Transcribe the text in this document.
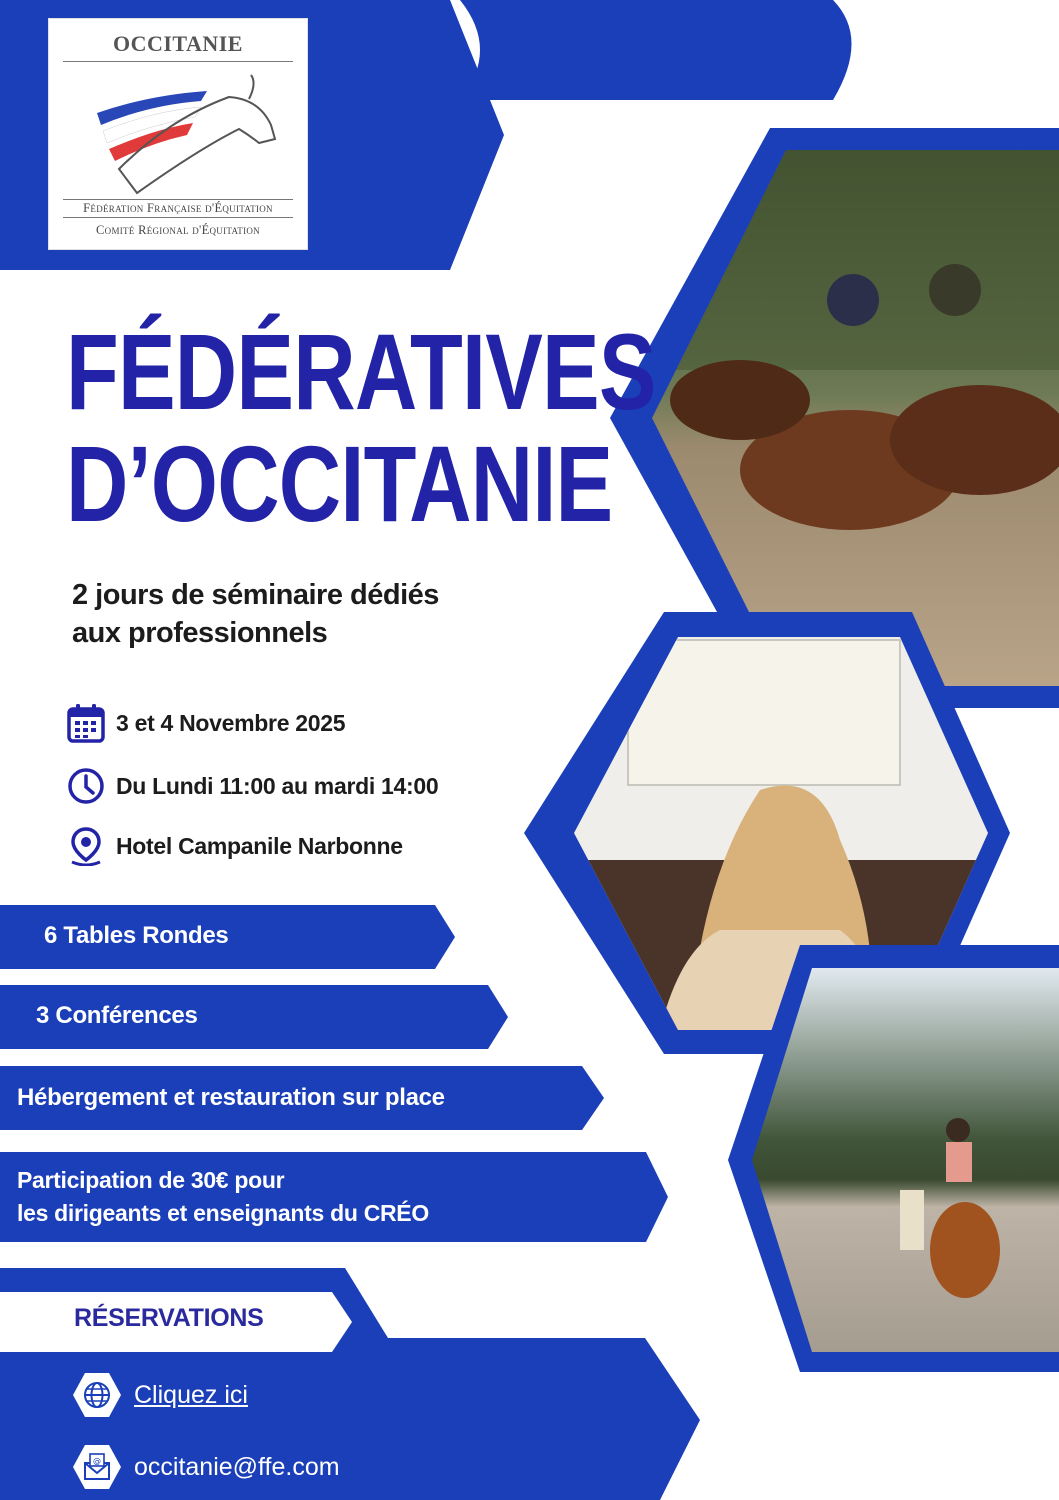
OCCITANIE
Fédération Française d'Équitation
Comité Régional d'Équitation
FÉDÉRATIVES
D’OCCITANIE
2 jours de séminaire dédiés
aux professionnels
3 et 4 Novembre 2025
Du Lundi 11:00 au mardi 14:00
Hotel Campanile Narbonne
6 Tables Rondes
3 Conférences
Hébergement et restauration sur place
Participation de 30€ pour
les dirigeants et enseignants du CRÉO
RÉSERVATIONS
Cliquez ici
@ occitanie@ffe.com
